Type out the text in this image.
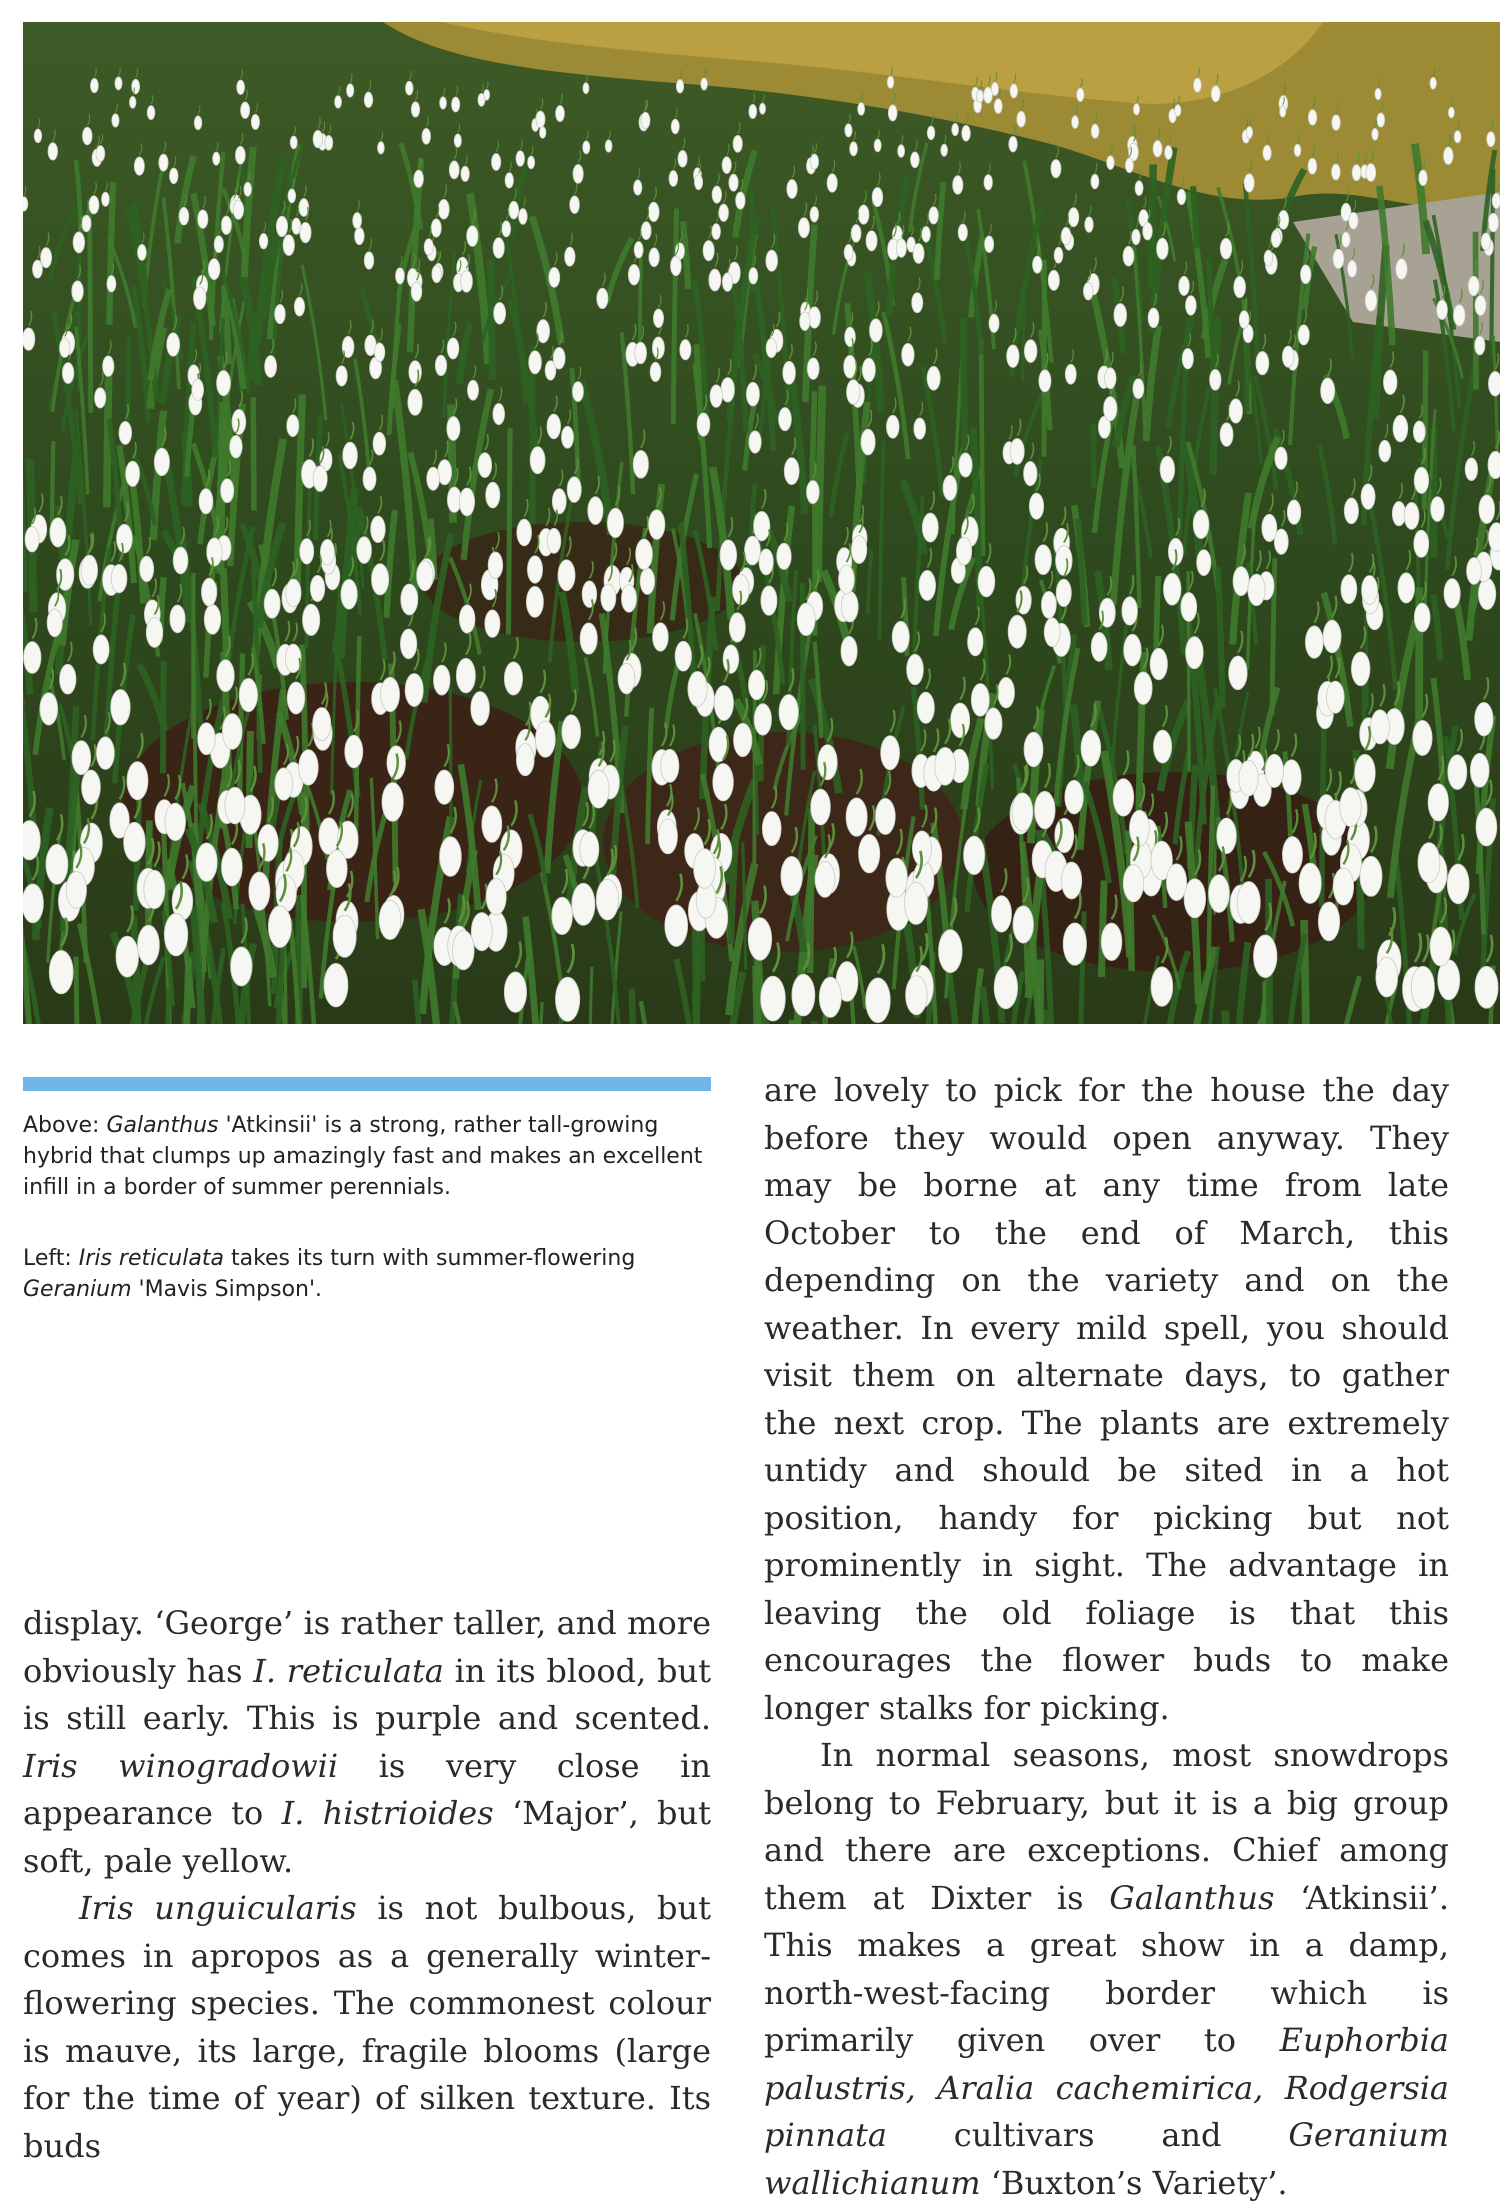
Above: Galanthus 'Atkinsii' is a strong, rather tall-growing hybrid that clumps up amazingly fast and makes an excellent infill in a border of summer perennials.
Left: Iris reticulata takes its turn with summer-flowering Geranium 'Mavis Simpson'.

display. ‘George’ is rather taller, and more obviously has I. reticulata in its blood, but is still early. This is purple and scented. Iris winogradowii is very close in appearance to I. histrioides ‘Major’, but soft, pale yellow.

Iris unguicularis is not bulbous, but comes in apropos as a generally winter-flowering species. The commonest colour is mauve, its large, fragile blooms (large for the time of year) of silken texture. Its buds

are lovely to pick for the house the day before they would open anyway. They may be borne at any time from late October to the end of March, this depending on the variety and on the weather. In every mild spell, you should visit them on alternate days, to gather the next crop. The plants are extremely untidy and should be sited in a hot position, handy for picking but not prominently in sight. The advantage in leaving the old foliage is that this encourages the flower buds to make longer stalks for picking.

In normal seasons, most snowdrops belong to February, but it is a big group and there are exceptions. Chief among them at Dixter is Galanthus ‘Atkinsii’. This makes a great show in a damp, north-west-facing border which is primarily given over to Euphorbia palustris, Aralia cachemirica, Rodgersia pinnata cultivars and Geranium wallichianum ‘Buxton’s Variety’.
